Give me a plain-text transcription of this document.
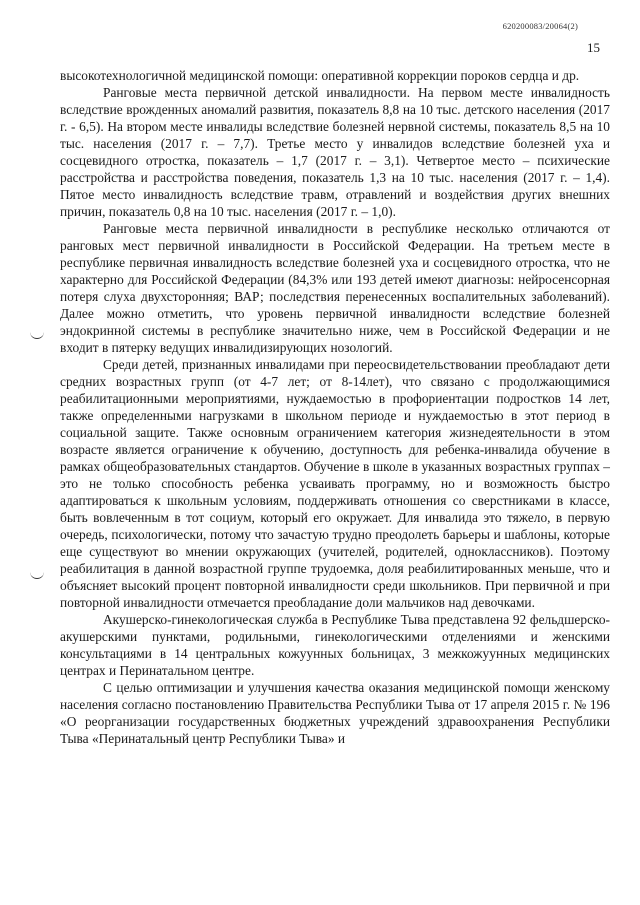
620200083/20064(2)
15

высокотехнологичной медицинской помощи: оперативной коррекции пороков сердца и др.

Ранговые места первичной детской инвалидности. На первом месте инвалидность вследствие врожденных аномалий развития, показатель 8,8 на 10 тыс. детского населения (2017 г. - 6,5). На втором месте инвалиды вследствие болезней нервной системы, показатель 8,5 на 10 тыс. населения (2017 г. – 7,7). Третье место у инвалидов вследствие болезней уха и сосцевидного отростка, показатель – 1,7 (2017 г. – 3,1). Четвертое место – психические расстройства и расстройства поведения, показатель 1,3 на 10 тыс. населения (2017 г. – 1,4). Пятое место инвалидность вследствие травм, отравлений и воздействия других внешних причин, показатель 0,8 на 10 тыс. населения (2017 г. – 1,0).

Ранговые места первичной инвалидности в республике несколько отличаются от ранговых мест первичной инвалидности в Российской Федерации. На третьем месте в республике первичная инвалидность вследствие болезней уха и сосцевидного отростка, что не характерно для Российской Федерации (84,3% или 193 детей имеют диагнозы: нейросенсорная потеря слуха двухсторонняя; ВАР; последствия перенесенных воспалительных заболеваний). Далее можно отметить, что уровень первичной инвалидности вследствие болезней эндокринной системы в республике значительно ниже, чем в Российской Федерации и не входит в пятерку ведущих инвалидизирующих нозологий.

Среди детей, признанных инвалидами при переосвидетельствовании преобладают дети средних возрастных групп (от 4-7 лет; от 8-14лет), что связано с продолжающимися реабилитационными мероприятиями, нуждаемостью в профориентации подростков 14 лет, также определенными нагрузками в школьном периоде и нуждаемостью в этот период в социальной защите. Также основным ограничением категория жизнедеятельности в этом возрасте является ограничение к обучению, доступность для ребенка-инвалида обучение в рамках общеобразовательных стандартов. Обучение в школе в указанных возрастных группах – это не только способность ребенка усваивать программу, но и возможность быстро адаптироваться к школьным условиям, поддерживать отношения со сверстниками в классе, быть вовлеченным в тот социум, который его окружает. Для инвалида это тяжело, в первую очередь, психологически, потому что зачастую трудно преодолеть барьеры и шаблоны, которые еще существуют во мнении окружающих (учителей, родителей, одноклассников). Поэтому реабилитация в данной возрастной группе трудоемка, доля реабилитированных меньше, что и объясняет высокий процент повторной инвалидности среди школьников. При первичной и при повторной инвалидности отмечается преобладание доли мальчиков над девочками.

Акушерско-гинекологическая служба в Республике Тыва представлена 92 фельдшерско-акушерскими пунктами, родильными, гинекологическими отделениями и женскими консультациями в 14 центральных кожуунных больницах, 3 межкожуунных медицинских центрах и Перинатальном центре.

С целью оптимизации и улучшения качества оказания медицинской помощи женскому населения согласно постановлению Правительства Республики Тыва от 17 апреля 2015 г. № 196 «О реорганизации государственных бюджетных учреждений здравоохранения Республики Тыва «Перинатальный центр Республики Тыва» и
